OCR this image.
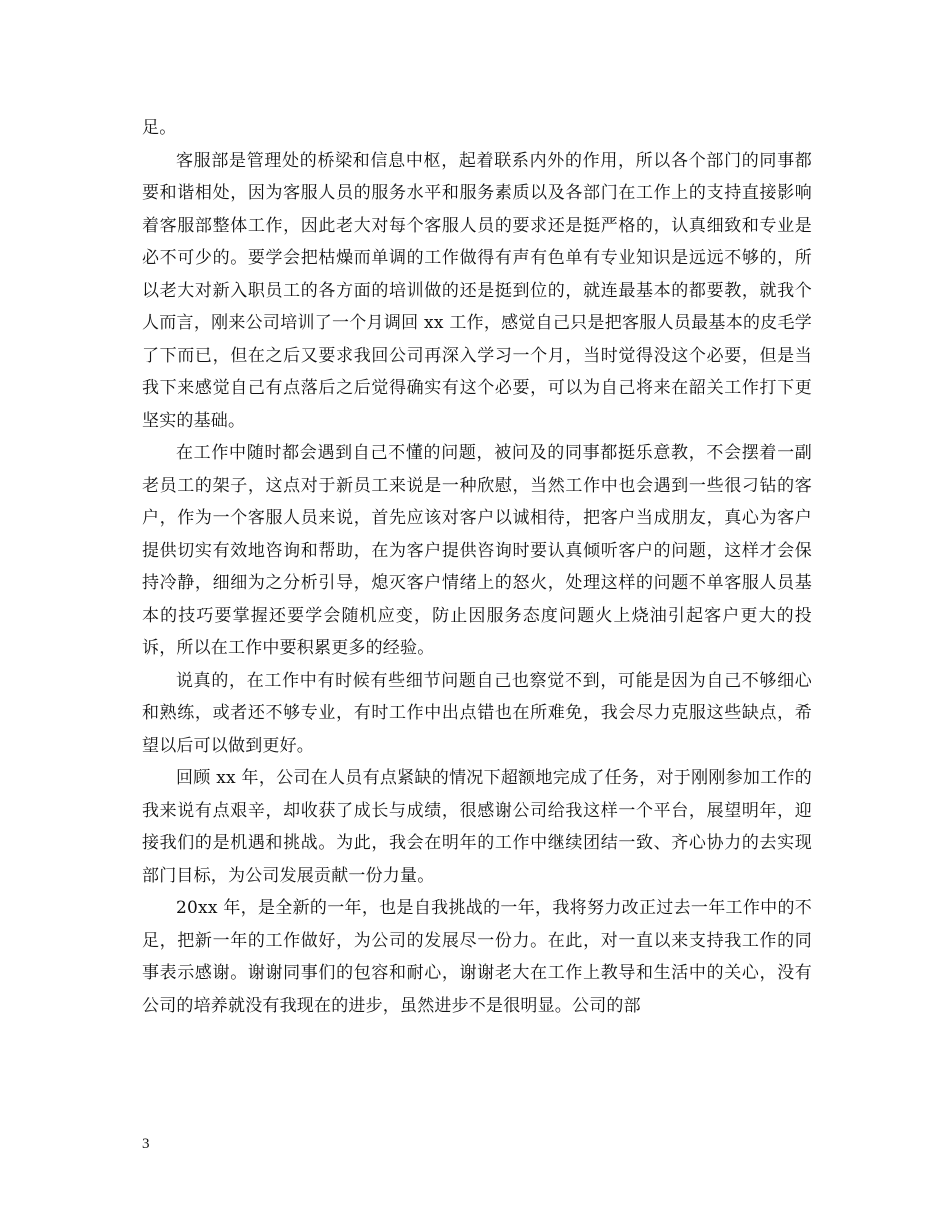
足。

客服部是管理处的桥梁和信息中枢，起着联系内外的作用，所以各个部门的同事都要和谐相处，因为客服人员的服务水平和服务素质以及各部门在工作上的支持直接影响着客服部整体工作，因此老大对每个客服人员的要求还是挺严格的，认真细致和专业是必不可少的。要学会把枯燥而单调的工作做得有声有色单有专业知识是远远不够的，所以老大对新入职员工的各方面的培训做的还是挺到位的，就连最基本的都要教，就我个人而言，刚来公司培训了一个月调回 xx 工作，感觉自己只是把客服人员最基本的皮毛学了下而已，但在之后又要求我回公司再深入学习一个月，当时觉得没这个必要，但是当我下来感觉自己有点落后之后觉得确实有这个必要，可以为自己将来在韶关工作打下更坚实的基础。

在工作中随时都会遇到自己不懂的问题，被问及的同事都挺乐意教，不会摆着一副老员工的架子，这点对于新员工来说是一种欣慰，当然工作中也会遇到一些很刁钻的客户，作为一个客服人员来说，首先应该对客户以诚相待，把客户当成朋友，真心为客户提供切实有效地咨询和帮助，在为客户提供咨询时要认真倾听客户的问题，这样才会保持冷静，细细为之分析引导，熄灭客户情绪上的怒火，处理这样的问题不单客服人员基本的技巧要掌握还要学会随机应变，防止因服务态度问题火上烧油引起客户更大的投诉，所以在工作中要积累更多的经验。

说真的，在工作中有时候有些细节问题自己也察觉不到，可能是因为自己不够细心和熟练，或者还不够专业，有时工作中出点错也在所难免，我会尽力克服这些缺点，希望以后可以做到更好。

回顾 xx 年，公司在人员有点紧缺的情况下超额地完成了任务，对于刚刚参加工作的我来说有点艰辛，却收获了成长与成绩，很感谢公司给我这样一个平台，展望明年，迎接我们的是机遇和挑战。为此，我会在明年的工作中继续团结一致、齐心协力的去实现部门目标，为公司发展贡献一份力量。

20xx 年，是全新的一年，也是自我挑战的一年，我将努力改正过去一年工作中的不足，把新一年的工作做好，为公司的发展尽一份力。在此，对一直以来支持我工作的同事表示感谢。谢谢同事们的包容和耐心，谢谢老大在工作上教导和生活中的关心，没有公司的培养就没有我现在的进步，虽然进步不是很明显。公司的部

3
